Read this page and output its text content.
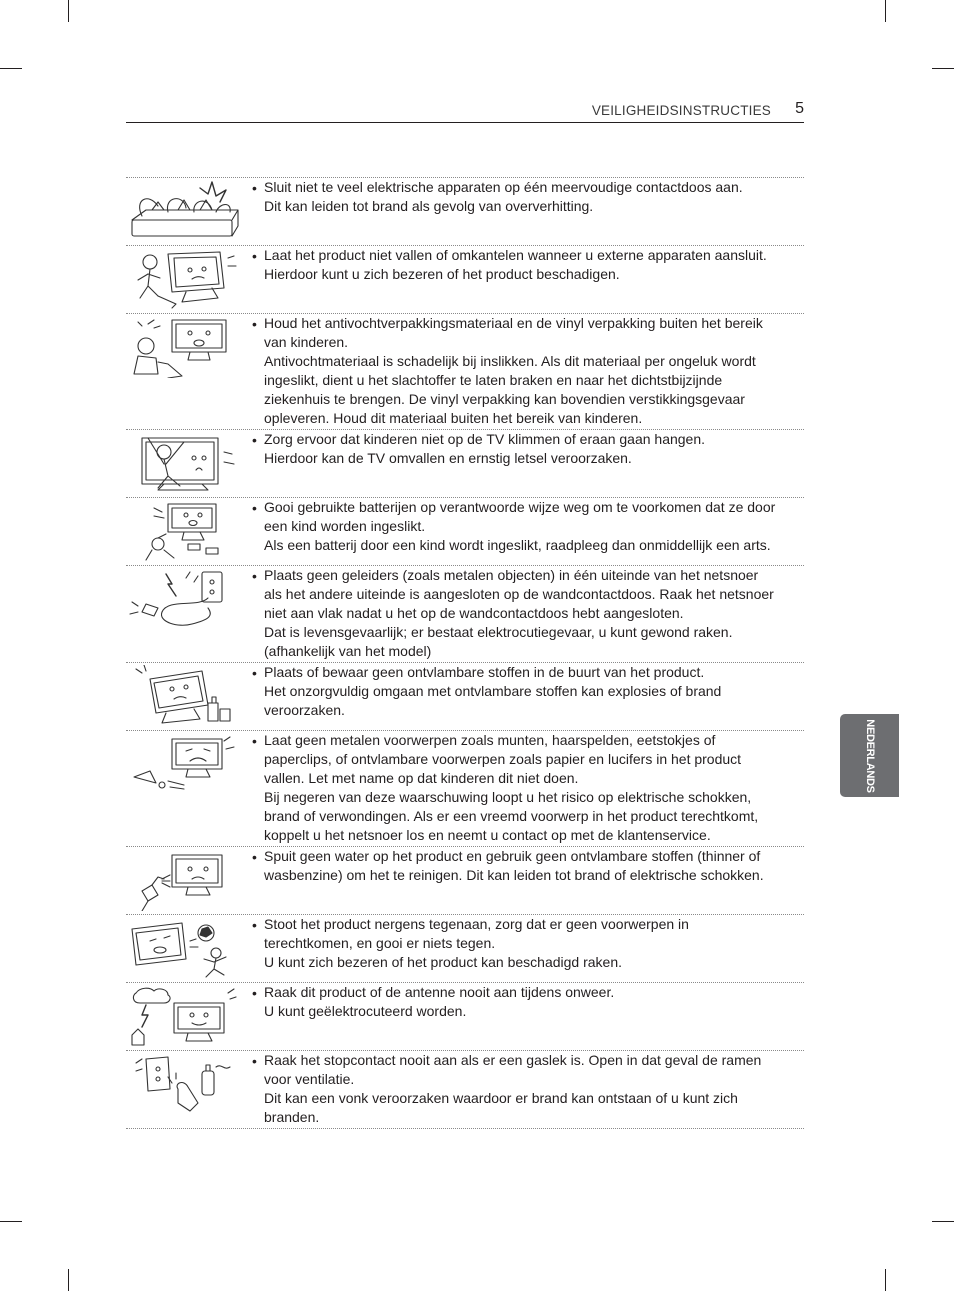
VEILIGHEIDSINSTRUCTIES 5
NEDERLANDS
• Sluit niet te veel elektrische apparaten op één meervoudige contactdoos aan.

Dit kan leiden tot brand als gevolg van oververhitting.

• Laat het product niet vallen of omkantelen wanneer u externe apparaten aansluit.

Hierdoor kunt u zich bezeren of het product beschadigen.

• Houd het antivochtverpakkingsmateriaal en de vinyl verpakking buiten het bereik

van kinderen.

Antivochtmateriaal is schadelijk bij inslikken. Als dit materiaal per ongeluk wordt

ingeslikt, dient u het slachtoffer te laten braken en naar het dichtstbijzijnde

ziekenhuis te brengen. De vinyl verpakking kan bovendien verstikkingsgevaar

opleveren. Houd dit materiaal buiten het bereik van kinderen.

• Zorg ervoor dat kinderen niet op de TV klimmen of eraan gaan hangen.

Hierdoor kan de TV omvallen en ernstig letsel veroorzaken.

• Gooi gebruikte batterijen op verantwoorde wijze weg om te voorkomen dat ze door

een kind worden ingeslikt.

Als een batterij door een kind wordt ingeslikt, raadpleeg dan onmiddellijk een arts.

• Plaats geen geleiders (zoals metalen objecten) in één uiteinde van het netsnoer

als het andere uiteinde is aangesloten op de wandcontactdoos. Raak het netsnoer

niet aan vlak nadat u het op de wandcontactdoos hebt aangesloten.

Dat is levensgevaarlijk; er bestaat elektrocutiegevaar, u kunt gewond raken.

(afhankelijk van het model)

• Plaats of bewaar geen ontvlambare stoffen in de buurt van het product.

Het onzorgvuldig omgaan met ontvlambare stoffen kan explosies of brand

veroorzaken.

• Laat geen metalen voorwerpen zoals munten, haarspelden, eetstokjes of

paperclips, of ontvlambare voorwerpen zoals papier en lucifers in het product

vallen. Let met name op dat kinderen dit niet doen.

Bij negeren van deze waarschuwing loopt u het risico op elektrische schokken,

brand of verwondingen. Als er een vreemd voorwerp in het product terechtkomt,

koppelt u het netsnoer los en neemt u contact op met de klantenservice.

• Spuit geen water op het product en gebruik geen ontvlambare stoffen (thinner of

wasbenzine) om het te reinigen. Dit kan leiden tot brand of elektrische schokken.

• Stoot het product nergens tegenaan, zorg dat er geen voorwerpen in

terechtkomen, en gooi er niets tegen.

U kunt zich bezeren of het product kan beschadigd raken.

• Raak dit product of de antenne nooit aan tijdens onweer.

U kunt geëlektrocuteerd worden.

• Raak het stopcontact nooit aan als er een gaslek is. Open in dat geval de ramen

voor ventilatie.

Dit kan een vonk veroorzaken waardoor er brand kan ontstaan of u kunt zich

branden.
